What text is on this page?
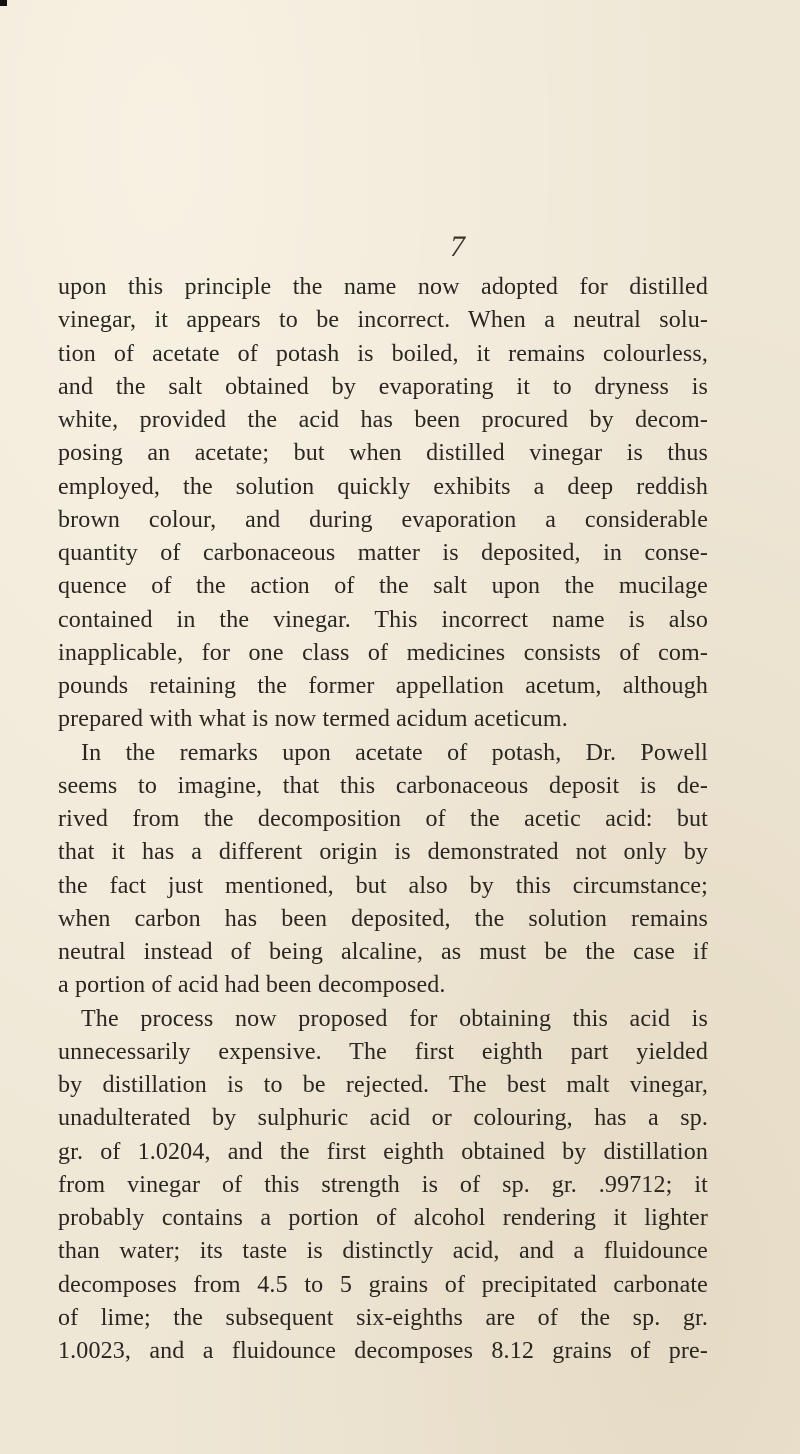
7
upon this principle the name now adopted for distilled
vinegar, it appears to be incorrect. When a neutral solu-
tion of acetate of potash is boiled, it remains colourless,
and the salt obtained by evaporating it to dryness is
white, provided the acid has been procured by decom-
posing an acetate; but when distilled vinegar is thus
employed, the solution quickly exhibits a deep reddish
brown colour, and during evaporation a considerable
quantity of carbonaceous matter is deposited, in conse-
quence of the action of the salt upon the mucilage
contained in the vinegar. This incorrect name is also
inapplicable, for one class of medicines consists of com-
pounds retaining the former appellation acetum, although
prepared with what is now termed acidum aceticum.
In the remarks upon acetate of potash, Dr. Powell
seems to imagine, that this carbonaceous deposit is de-
rived from the decomposition of the acetic acid: but
that it has a different origin is demonstrated not only by
the fact just mentioned, but also by this circumstance;
when carbon has been deposited, the solution remains
neutral instead of being alcaline, as must be the case if
a portion of acid had been decomposed.
The process now proposed for obtaining this acid is
unnecessarily expensive. The first eighth part yielded
by distillation is to be rejected. The best malt vinegar,
unadulterated by sulphuric acid or colouring, has a sp.
gr. of 1.0204, and the first eighth obtained by distillation
from vinegar of this strength is of sp. gr. .99712; it
probably contains a portion of alcohol rendering it lighter
than water; its taste is distinctly acid, and a fluidounce
decomposes from 4.5 to 5 grains of precipitated carbonate
of lime; the subsequent six-eighths are of the sp. gr.
1.0023, and a fluidounce decomposes 8.12 grains of pre-
